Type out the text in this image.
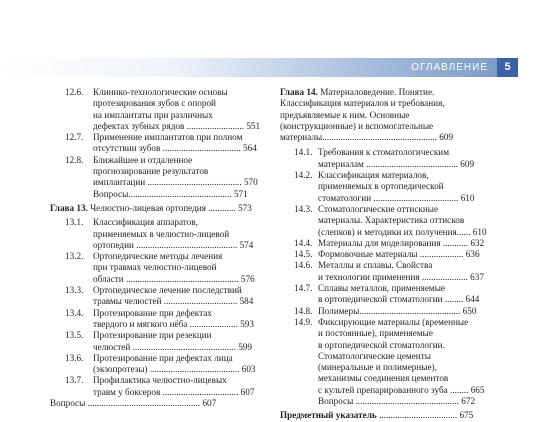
ОГЛАВЛЕНИЕ	5
12.6. Клинико-технологические основы
протезирования зубов с опорой
на имплантаты при различных
дефектах зубных рядов ......................... 551
12.7. Применение имплантатов при полном
отсутствии зубов .................................. 564
12.8. Ближайшее и отдаленное
прогнозирование результатов
имплантации ......................................... 570
Вопросы............................................. 571
Глава 13. Челюстно-лицевая ортопедия ............ 573
13.1. Классификация аппаратов,
применяемых в челюстно-лицевой
ортопедии ............................................ 574
13.2. Ортопедические методы лечения
при травмах челюстно-лицевой
области ................................................. 576
13.3. Ортопедическое лечение последствий
травмы челюстей ................................ 584
13.4. Протезирование при дефектах
твердого и мягкого нёба ..................... 593
13.5. Протезирование при резекции
челюстей ............................................. 599
13.6. Протезирование при дефектах лица
(экзопротезы) ....................................... 603
13.7. Профилактика челюстно-лицевых
травм у боксеров ................................. 607
Вопросы ................................................. 607
Глава 14. Материаловедение. Понятие.
Классификация материалов и требования,
предъявляемые к ним. Основные
(конструкционные) и вспомогательные
материалы.................................................. 609
14.1. Требования к стоматологическим
материалам ........................................ 609
14.2. Классификация материалов,
применяемых в ортопедической
стоматологии ..................................... 610
14.3. Стоматологические оттискные
материалы. Характеристика оттисков
(слепков) и методики их получения...... 610
14.4. Материалы для моделирования ........... 632
14.5. Формовочные материалы ................... 636
14.6. Металлы и сплавы. Свойства
и технологии применения .................... 637
14.7. Сплавы металлов, применяемые
в ортопедической стоматологии ........ 644
14.8. Полимеры............................................ 650
14.9. Фиксирующие материалы (временные
и постоянные), применяемые
в ортопедической стоматологии.
Стоматологические цементы
(минеральные и полимерные),
механизмы соединения цементов
с культей препарированного зуба ........ 665
Вопросы ............................................. 672
Предметный указатель .................................. 675
